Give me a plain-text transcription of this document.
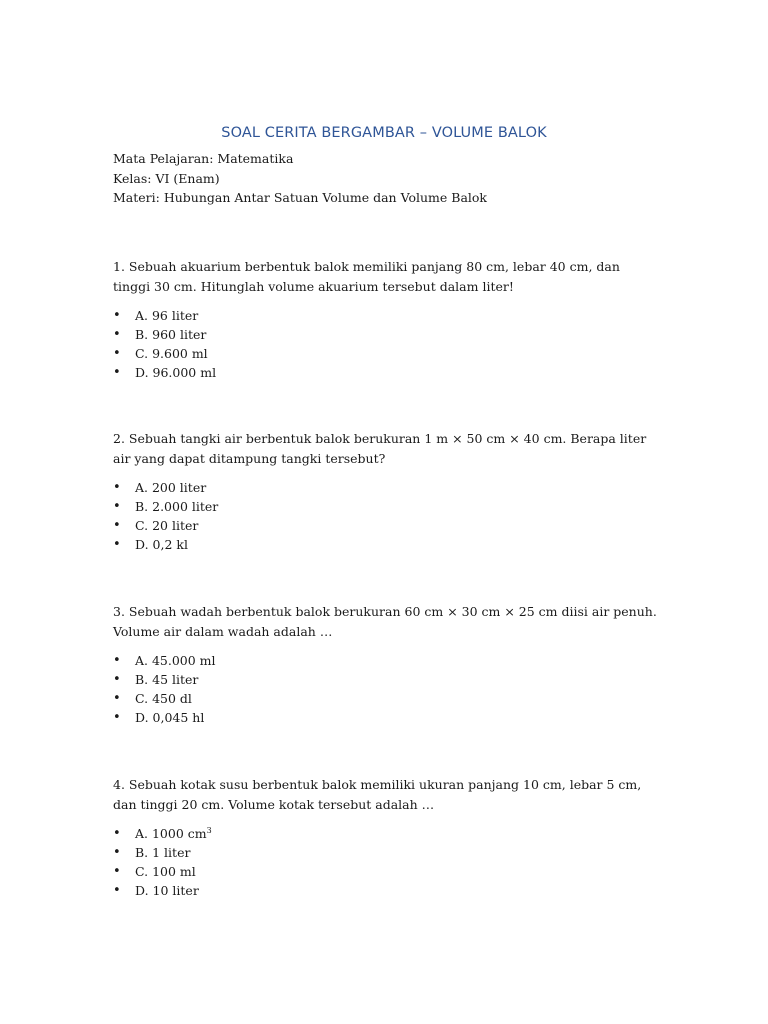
SOAL CERITA BERGAMBAR – VOLUME BALOK
Mata Pelajaran: Matematika
Kelas: VI (Enam)
Materi: Hubungan Antar Satuan Volume dan Volume Balok

1. Sebuah akuarium berbentuk balok memiliki panjang 80 cm, lebar 40 cm, dan tinggi 30 cm. Hitunglah volume akuarium tersebut dalam liter!

• A. 96 liter
• B. 960 liter
• C. 9.600 ml
• D. 96.000 ml

2. Sebuah tangki air berbentuk balok berukuran 1 m × 50 cm × 40 cm. Berapa liter air yang dapat ditampung tangki tersebut?

• A. 200 liter
• B. 2.000 liter
• C. 20 liter
• D. 0,2 kl

3. Sebuah wadah berbentuk balok berukuran 60 cm × 30 cm × 25 cm diisi air penuh. Volume air dalam wadah adalah …

• A. 45.000 ml
• B. 45 liter
• C. 450 dl
• D. 0,045 hl

4. Sebuah kotak susu berbentuk balok memiliki ukuran panjang 10 cm, lebar 5 cm, dan tinggi 20 cm. Volume kotak tersebut adalah …

• A. 1000 $cm^3$
• B. 1 liter
• C. 100 ml
• D. 10 liter
